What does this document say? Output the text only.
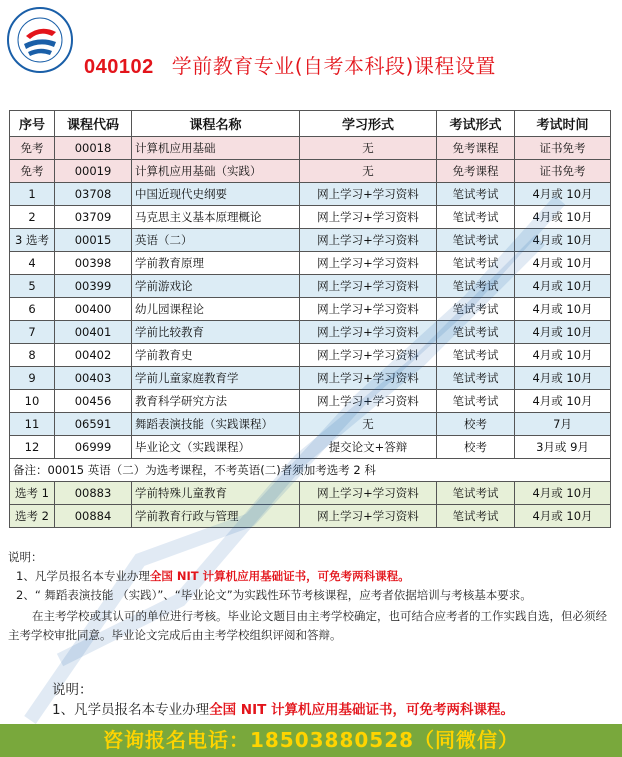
040102 学前教育专业(自考本科段)课程设置
序号	课程代码	课程名称	学习形式	考试形式	考试时间
免考	00018	计算机应用基础	无	免考课程	证书免考
免考	00019	计算机应用基础（实践）	无	免考课程	证书免考
1	03708	中国近现代史纲要	网上学习+学习资料	笔试考试	4月或 10月
2	03709	马克思主义基本原理概论	网上学习+学习资料	笔试考试	4月或 10月
3 选考	00015	英语（二）	网上学习+学习资料	笔试考试	4月或 10月
4	00398	学前教育原理	网上学习+学习资料	笔试考试	4月或 10月
5	00399	学前游戏论	网上学习+学习资料	笔试考试	4月或 10月
6	00400	幼儿园课程论	网上学习+学习资料	笔试考试	4月或 10月
7	00401	学前比较教育	网上学习+学习资料	笔试考试	4月或 10月
8	00402	学前教育史	网上学习+学习资料	笔试考试	4月或 10月
9	00403	学前儿童家庭教育学	网上学习+学习资料	笔试考试	4月或 10月
10	00456	教育科学研究方法	网上学习+学习资料	笔试考试	4月或 10月
11	06591	舞蹈表演技能（实践课程）	无	校考	7月
12	06999	毕业论文（实践课程）	提交论文+答辩	校考	3月或 9月
备注：00015 英语（二）为选考课程，不考英语(二)者须加考选考 2 科					
选考 1	00883	学前特殊儿童教育	网上学习+学习资料	笔试考试	4月或 10月
选考 2	00884	学前教育行政与管理	网上学习+学习资料	笔试考试	4月或 10月

说明：

1、凡学员报名本专业办理全国 NIT 计算机应用基础证书，可免考两科课程。

2、“ 舞蹈表演技能 （实践）”、“毕业论文”为实践性环节考核课程，应考者依据培训与考核基本要求。

在主考学校或其认可的单位进行考核。毕业论文题目由主考学校确定，也可结合应考者的工作实践自选，但必须经主考学校审批同意。毕业论文完成后由主考学校组织评阅和答辩。

说明：

1、凡学员报名本专业办理全国 NIT 计算机应用基础证书，可免考两科课程。

咨询报名电话：18503880528（同微信）
